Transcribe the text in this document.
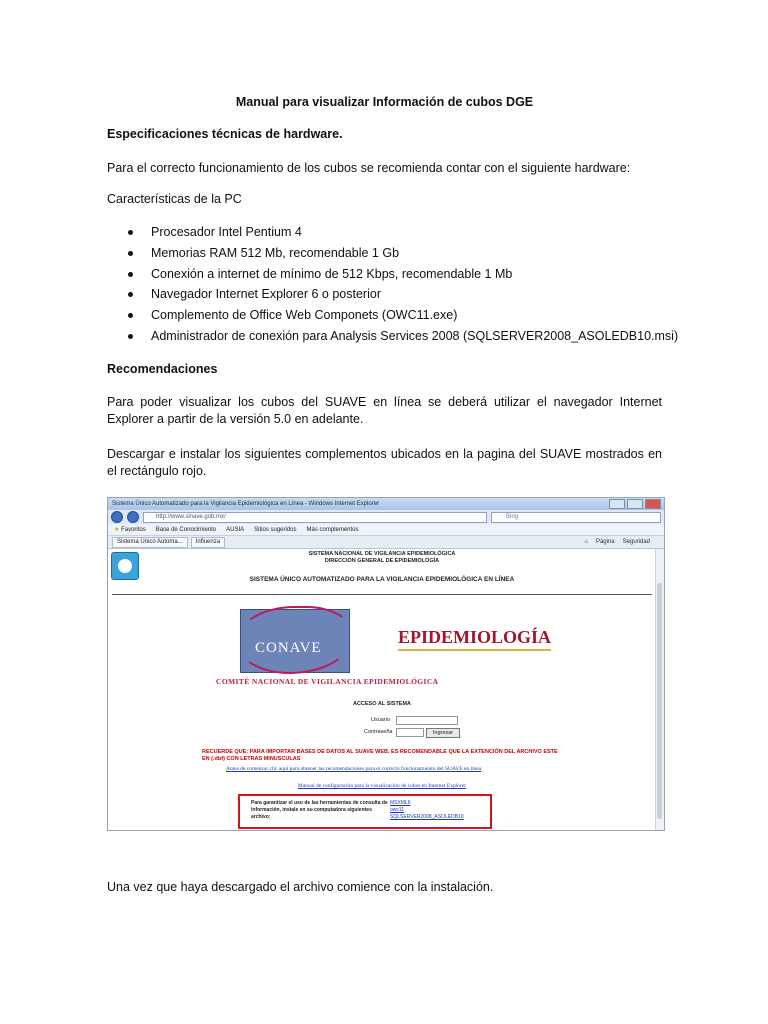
Manual para visualizar Información de cubos DGE
Especificaciones técnicas de hardware.
Para el correcto funcionamiento de los cubos se recomienda contar con el siguiente hardware:
Características de la PC
Procesador Intel Pentium 4
Memorias RAM 512 Mb, recomendable 1 Gb
Conexión a internet de mínimo de 512 Kbps, recomendable 1 Mb
Navegador Internet Explorer 6 o posterior
Complemento de Office Web Componets (OWC11.exe)
Administrador de conexión para Analysis Services 2008 (SQLSERVER2008_ASOLEDB10.msi)
Recomendaciones
Para poder visualizar los cubos del SUAVE en línea se deberá utilizar el navegador Internet
Explorer a partir de la versión 5.0 en adelante.
Descargar e instalar los siguientes complementos ubicados en la pagina del SUAVE mostrados en
el rectángulo rojo.
Una vez que haya descargado el archivo comience con la instalación.
Sistema Único Automatizado para la Vigilancia Epidemiológica en Línea - Windows Internet Explorer
http://www.sinave.gob.mx/	Bing
★ Favoritos Base de Conocimiento AUSIA Sitios sugeridos Más complementos
Sistema Único Automa...	Influenza	⌂ Página Seguridad
SISTEMA NACIONAL DE VIGILANCIA EPIDEMIOLÓGICA
DIRECCIÓN GENERAL DE EPIDEMIOLOGÍA
SISTEMA ÚNICO AUTOMATIZADO PARA LA VIGILANCIA EPIDEMIOLÓGICA EN LÍNEA
CONAVE
COMITÉ NACIONAL DE VIGILANCIA EPIDEMIOLÓGICA
EPIDEMIOLOGÍA
ACCESO AL SISTEMA
Usuario
Contraseña	Ingresar
RECUERDE QUE: PARA IMPORTAR BASES DE DATOS AL SUAVE WEB, ES RECOMENDABLE QUE LA EXTENCIÓN DEL ARCHIVO ESTE EN (.dbf) CON LETRAS MINUSCULAS
Antes de comenzar clic aquí para obtener las recomendaciones para el correcto funcionamiento del SUAVE en línea
Manual de configuración para la visualización de cubos en Internet Explorer
Para garantizar el uso de las herramientas de consulta de información, instale en su computadora siguientes archivo:
MSXML6
owc11
SQLSERVER2008_ASOLEDB10
